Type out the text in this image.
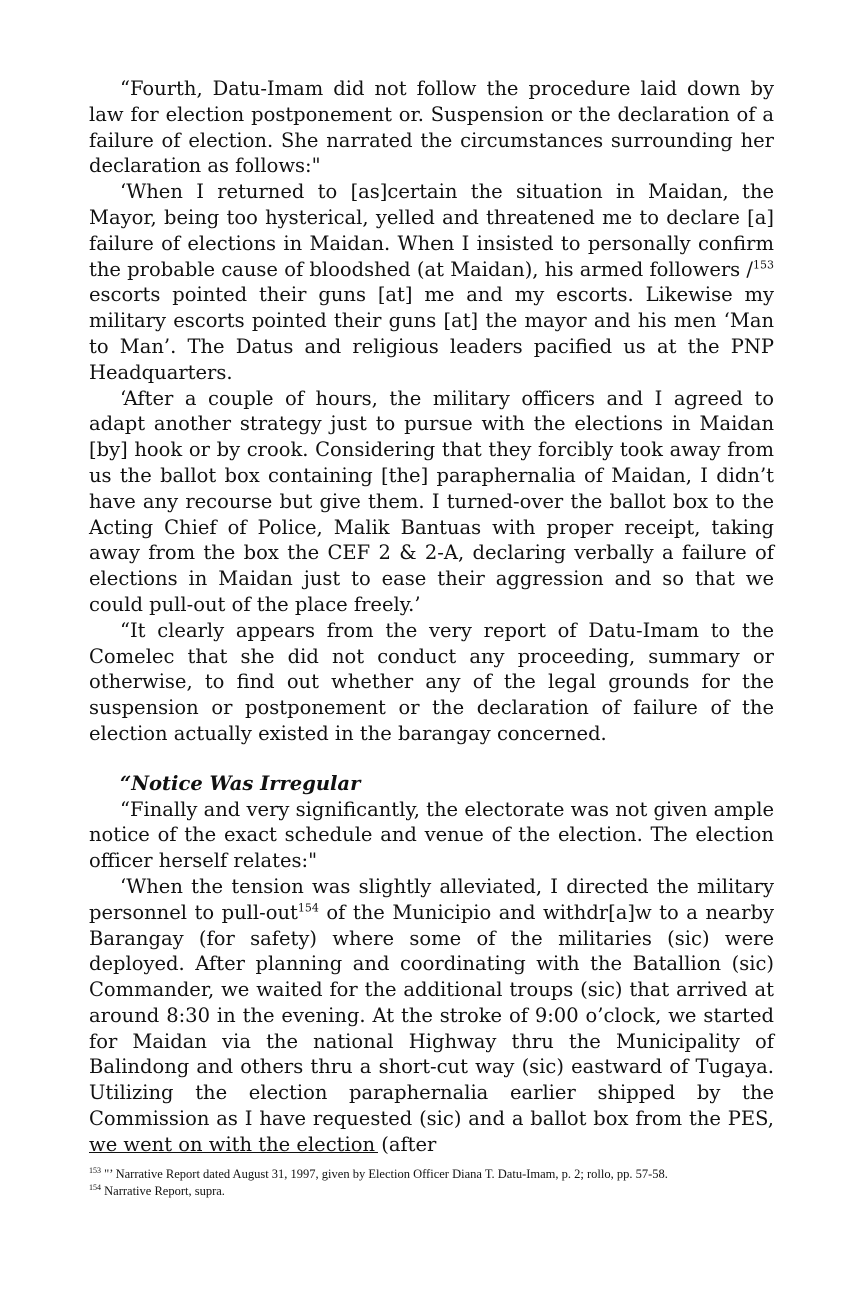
“Fourth, Datu-Imam did not follow the procedure laid down by law for election postponement or. Suspension or the declaration of a failure of election. She narrated the circumstances surrounding her declaration as follows:"

‘When I returned to [as]certain the situation in Maidan, the Mayor, being too hysterical, yelled and threatened me to declare [a] failure of elections in Maidan. When I insisted to personally confirm the probable cause of bloodshed (at Maidan), his armed followers /$^{153}$ escorts pointed their guns [at] me and my escorts. Likewise my military escorts pointed their guns [at] the mayor and his men ‘Man to Man’. The Datus and religious leaders pacified us at the PNP Headquarters.

‘After a couple of hours, the military officers and I agreed to adapt another strategy just to pursue with the elections in Maidan [by] hook or by crook. Considering that they forcibly took away from us the ballot box containing [the] paraphernalia of Maidan, I didn’t have any recourse but give them. I turned-over the ballot box to the Acting Chief of Police, Malik Bantuas with proper receipt, taking away from the box the CEF 2 & 2-A, declaring verbally a failure of elections in Maidan just to ease their aggression and so that we could pull-out of the place freely.’

“It clearly appears from the very report of Datu-Imam to the Comelec that she did not conduct any proceeding, summary or otherwise, to find out whether any of the legal grounds for the suspension or postponement or the declaration of failure of the election actually existed in the barangay concerned.

“Notice Was Irregular

“Finally and very significantly, the electorate was not given ample notice of the exact schedule and venue of the election. The election officer herself relates:"

‘When the tension was slightly alleviated, I directed the military personnel to pull-out$^{154}$ of the Municipio and withdr[a]w to a nearby Barangay (for safety) where some of the militaries (sic) were deployed. After planning and coordinating with the Batallion (sic) Commander, we waited for the additional troups (sic) that arrived at around 8:30 in the evening. At the stroke of 9:00 o’clock, we started for Maidan via the national Highway thru the Municipality of Balindong and others thru a short-cut way (sic) eastward of Tugaya. Utilizing the election paraphernalia earlier shipped by the Commission as I have requested (sic) and a ballot box from the PES, we went on with the election (after

$^{153}$ "’ Narrative Report dated August 31, 1997, given by Election Officer Diana T. Datu-Imam, p. 2; rollo, pp. 57-58.

$^{154}$ Narrative Report, supra.
